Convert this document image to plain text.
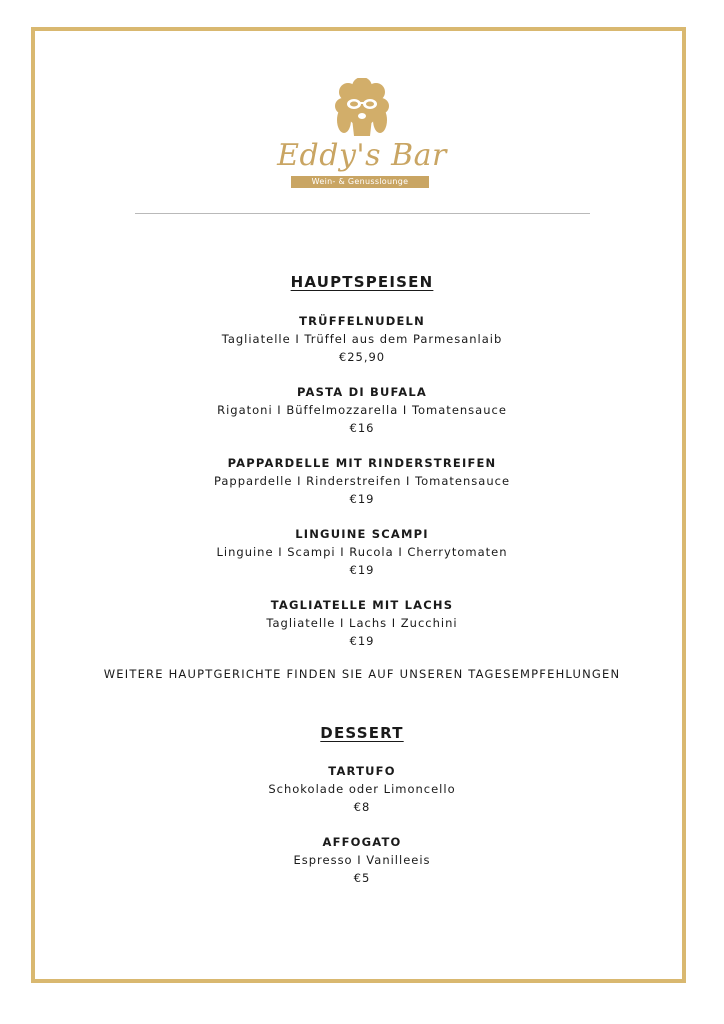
Eddy's Bar
Wein- & Genusslounge
HAUPTSPEISEN
TRÜFFELNUDELN
Tagliatelle I Trüffel aus dem Parmesanlaib
€25,90
PASTA DI BUFALA
Rigatoni I Büffelmozzarella I Tomatensauce
€16
PAPPARDELLE MIT RINDERSTREIFEN
Pappardelle I Rinderstreifen I Tomatensauce
€19
LINGUINE SCAMPI
Linguine I Scampi I Rucola I Cherrytomaten
€19
TAGLIATELLE MIT LACHS
Tagliatelle I Lachs I Zucchini
€19
WEITERE HAUPTGERICHTE FINDEN SIE AUF UNSEREN TAGESEMPFEHLUNGEN
DESSERT
TARTUFO
Schokolade oder Limoncello
€8
AFFOGATO
Espresso I Vanilleeis
€5
